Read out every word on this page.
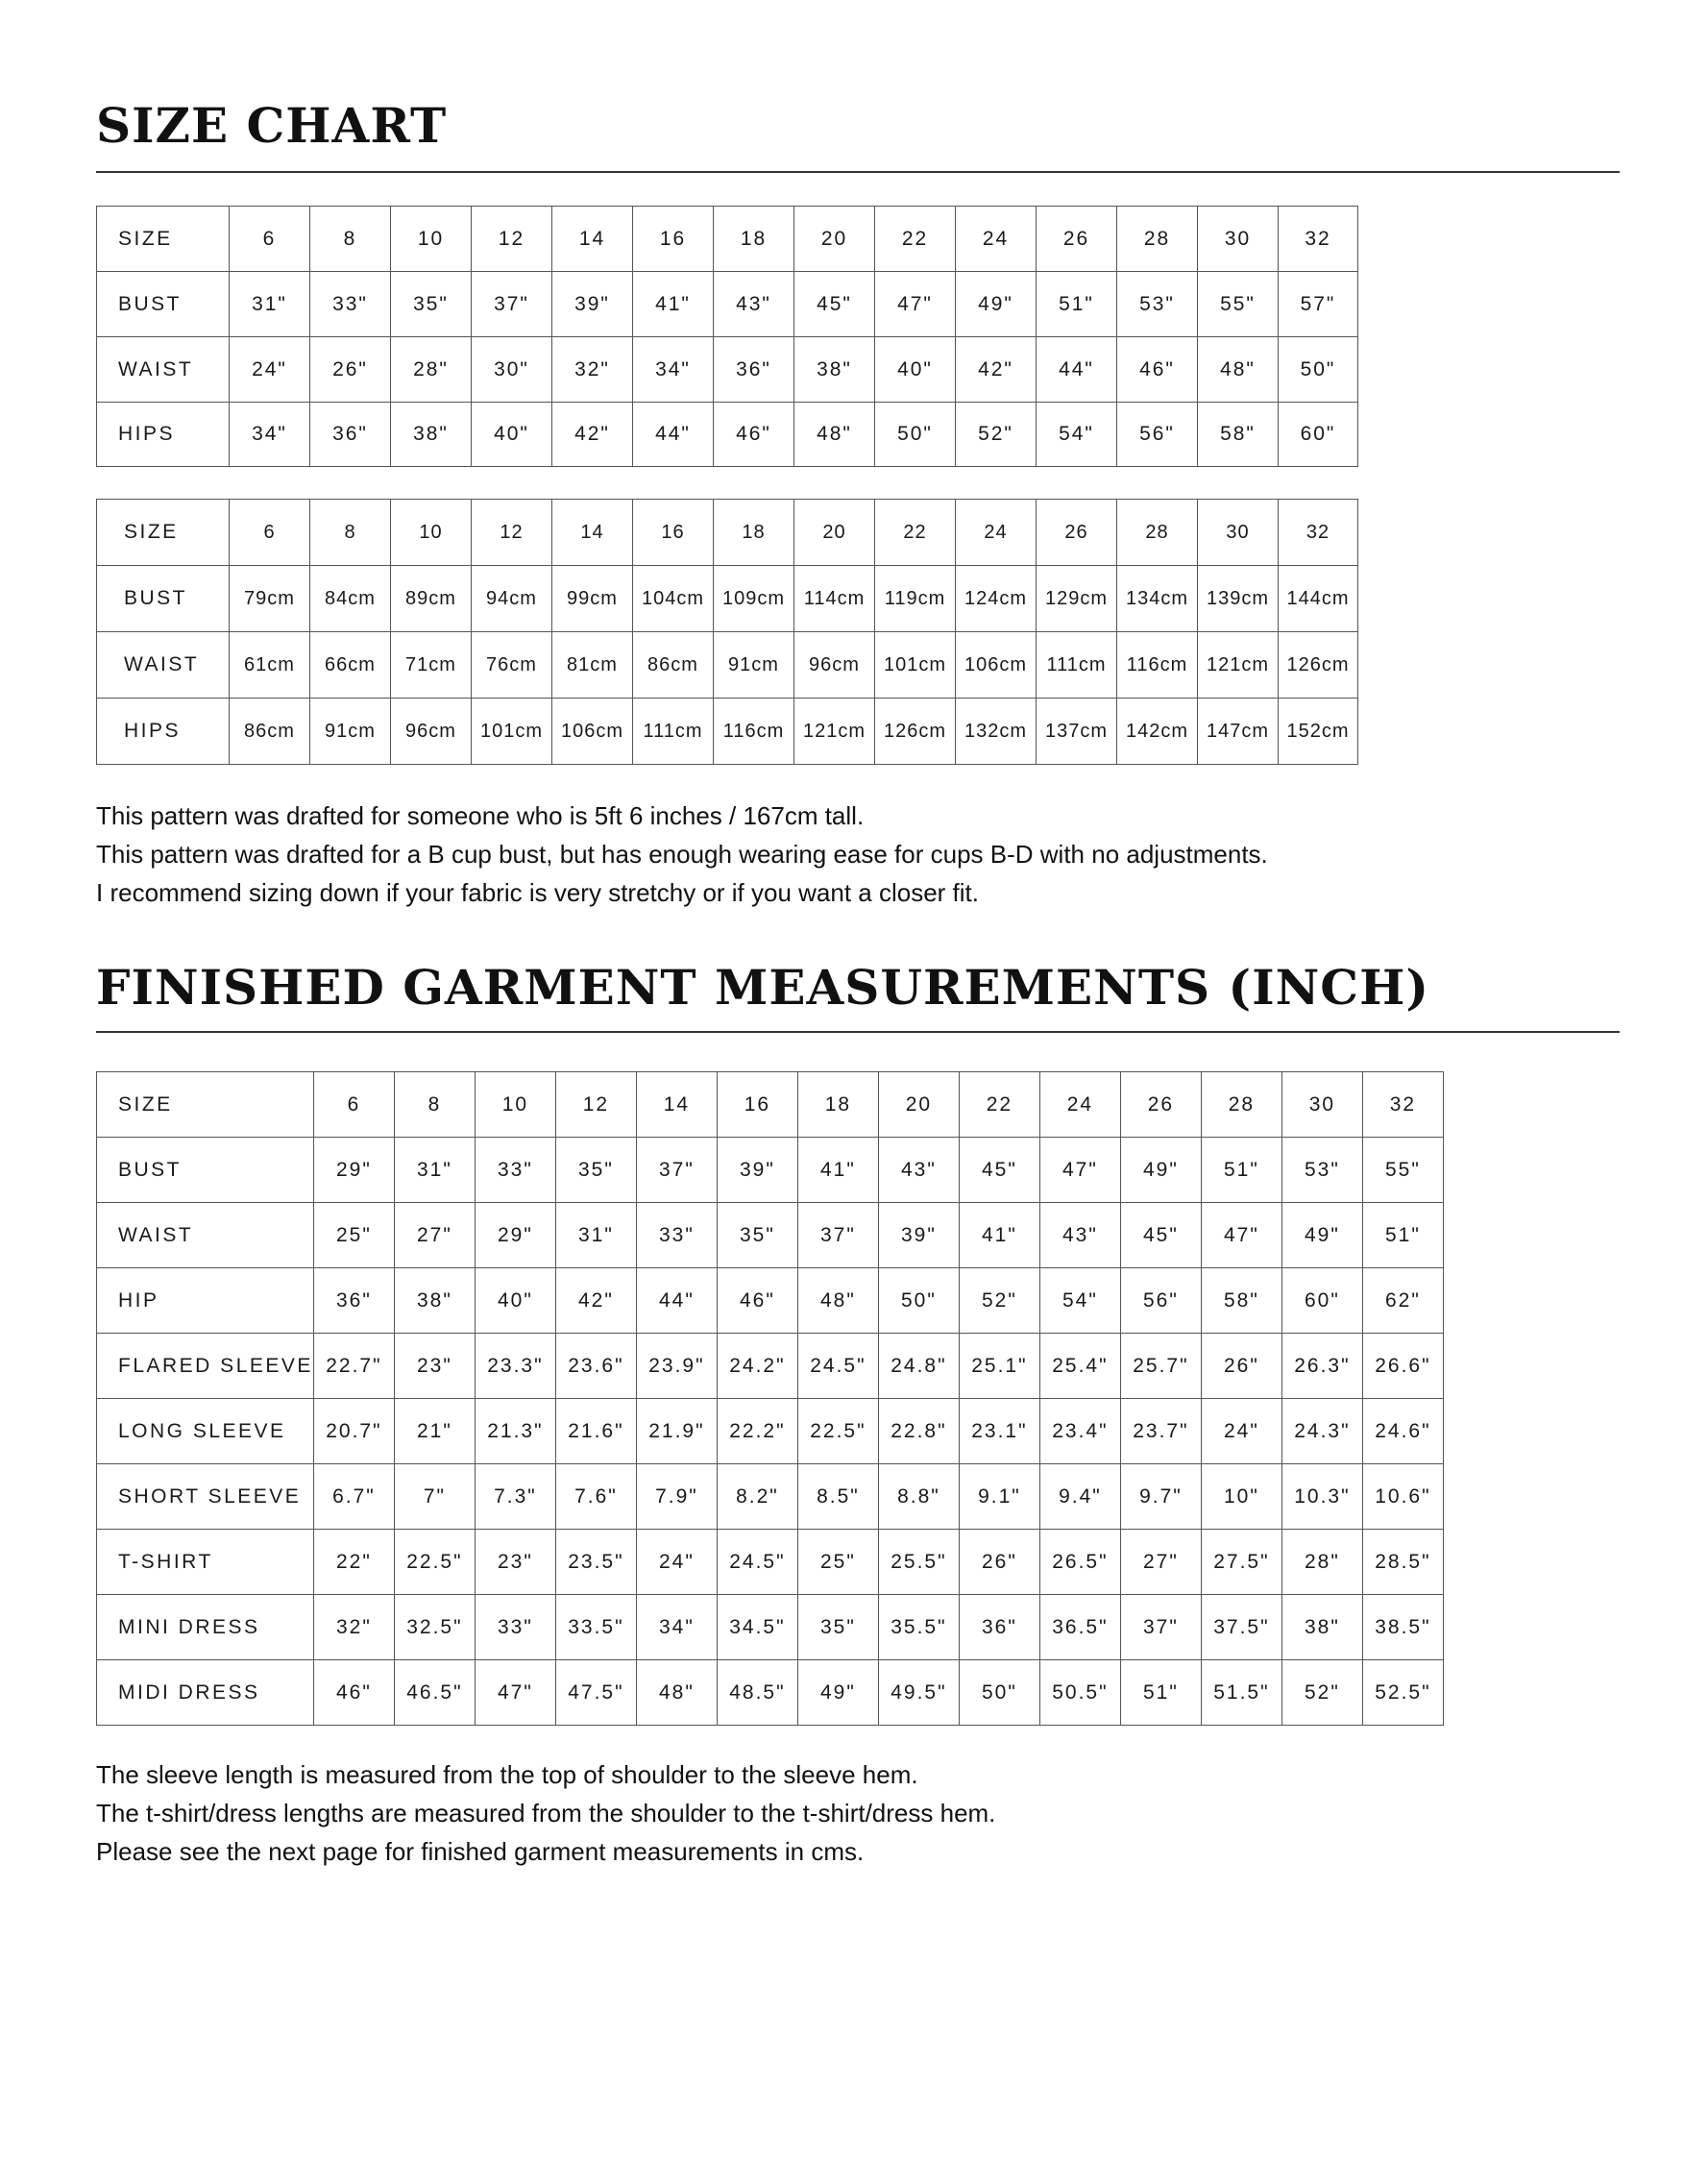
SIZE CHART
SIZE	6	8	10	12	14	16	18	20	22	24	26	28	30	32
BUST	31"	33"	35"	37"	39"	41"	43"	45"	47"	49"	51"	53"	55"	57"
WAIST	24"	26"	28"	30"	32"	34"	36"	38"	40"	42"	44"	46"	48"	50"
HIPS	34"	36"	38"	40"	42"	44"	46"	48"	50"	52"	54"	56"	58"	60"
SIZE	6	8	10	12	14	16	18	20	22	24	26	28	30	32
BUST	79cm	84cm	89cm	94cm	99cm	104cm	109cm	114cm	119cm	124cm	129cm	134cm	139cm	144cm
WAIST	61cm	66cm	71cm	76cm	81cm	86cm	91cm	96cm	101cm	106cm	111cm	116cm	121cm	126cm
HIPS	86cm	91cm	96cm	101cm	106cm	111cm	116cm	121cm	126cm	132cm	137cm	142cm	147cm	152cm

This pattern was drafted for someone who is 5ft 6 inches / 167cm tall.

This pattern was drafted for a B cup bust, but has enough wearing ease for cups B-D with no adjustments.

I recommend sizing down if your fabric is very stretchy or if you want a closer fit.

FINISHED GARMENT MEASUREMENTS (INCH)
SIZE	6	8	10	12	14	16	18	20	22	24	26	28	30	32
BUST	29"	31"	33"	35"	37"	39"	41"	43"	45"	47"	49"	51"	53"	55"
WAIST	25"	27"	29"	31"	33"	35"	37"	39"	41"	43"	45"	47"	49"	51"
HIP	36"	38"	40"	42"	44"	46"	48"	50"	52"	54"	56"	58"	60"	62"
FLARED SLEEVE	22.7"	23"	23.3"	23.6"	23.9"	24.2"	24.5"	24.8"	25.1"	25.4"	25.7"	26"	26.3"	26.6"
LONG SLEEVE	20.7"	21"	21.3"	21.6"	21.9"	22.2"	22.5"	22.8"	23.1"	23.4"	23.7"	24"	24.3"	24.6"
SHORT SLEEVE	6.7"	7"	7.3"	7.6"	7.9"	8.2"	8.5"	8.8"	9.1"	9.4"	9.7"	10"	10.3"	10.6"
T-SHIRT	22"	22.5"	23"	23.5"	24"	24.5"	25"	25.5"	26"	26.5"	27"	27.5"	28"	28.5"
MINI DRESS	32"	32.5"	33"	33.5"	34"	34.5"	35"	35.5"	36"	36.5"	37"	37.5"	38"	38.5"
MIDI DRESS	46"	46.5"	47"	47.5"	48"	48.5"	49"	49.5"	50"	50.5"	51"	51.5"	52"	52.5"

The sleeve length is measured from the top of shoulder to the sleeve hem.

The t-shirt/dress lengths are measured from the shoulder to the t-shirt/dress hem.

Please see the next page for finished garment measurements in cms.
